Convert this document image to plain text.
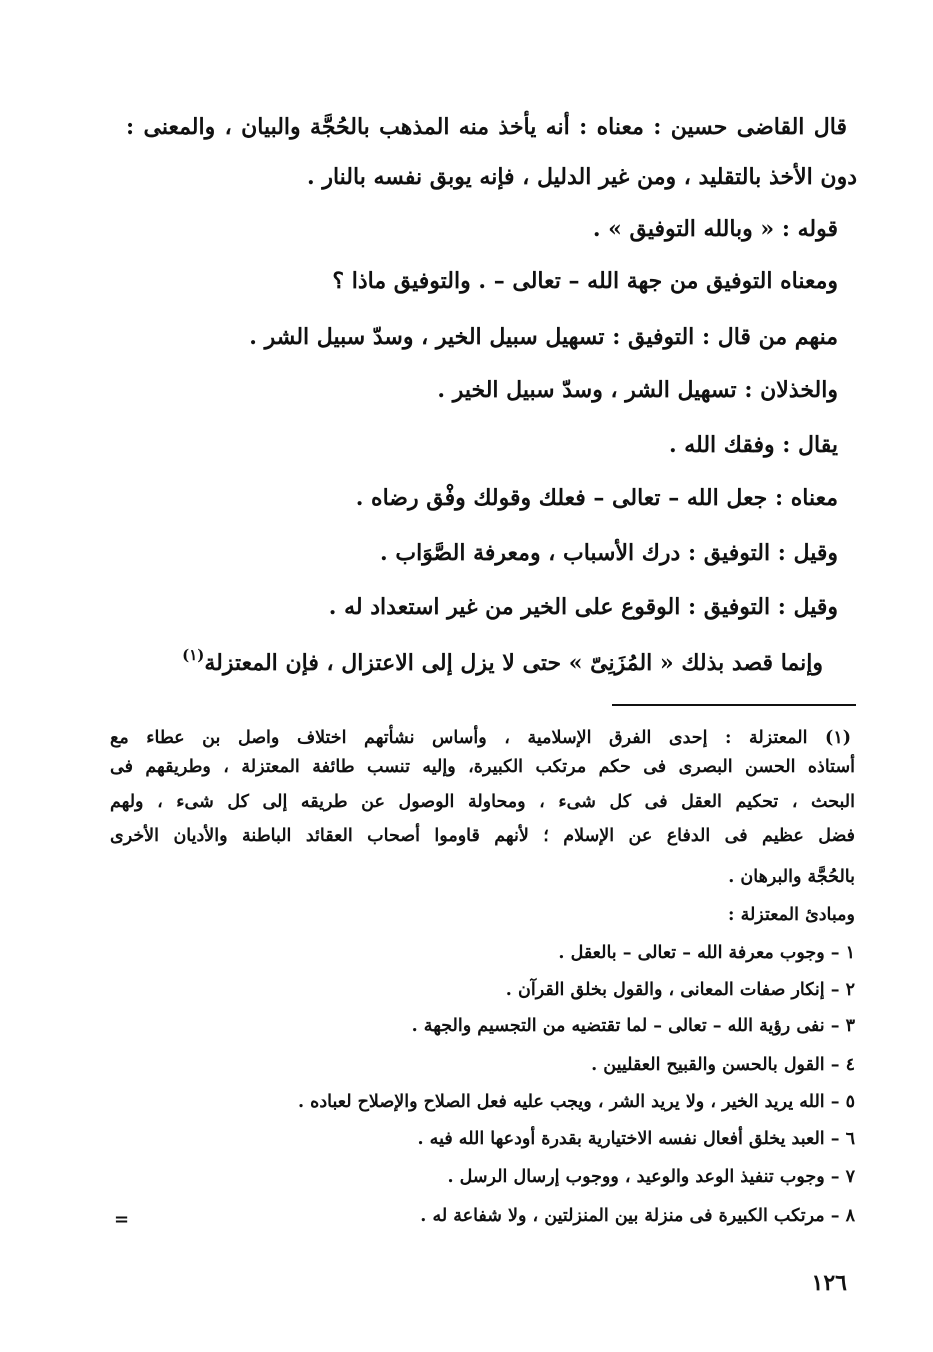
قال القاضى حسين : معناه : أنه يأخذ منه المذهب بالحُجَّة والبيان ، والمعنى :

دون الأخذ بالتقليد ، ومن غير الدليل ، فإنه يوبق نفسه بالنار .

قوله : « وبالله التوفيق » .

ومعناه التوفيق من جهة الله – تعالى – . والتوفيق ماذا ؟

منهم من قال : التوفيق : تسهيل سبيل الخير ، وسدّ سبيل الشر .

والخذلان : تسهيل الشر ، وسدّ سبيل الخير .

يقال : وفقك الله .

معناه : جعل الله – تعالى – فعلك وقولك وفْق رضاه .

وقيل : التوفيق : درك الأسباب ، ومعرفة الصَّوَاب .

وقيل : التوفيق : الوقوع على الخير من غير استعداد له .

وإنما قصد بذلك « المُزَنِىّ » حتى لا يزل إلى الاعتزال ، فإن المعتزلة$^{(١)}$

(١) المعتزلة : إحدى الفرق الإسلامية ، وأساس نشأتهم اختلاف واصل بن عطاء مع

أستاذه الحسن البصرى فى حكم مرتكب الكبيرة، وإليه تنسب طائفة المعتزلة ، وطريقهم فى

البحث ، تحكيم العقل فى كل شىء ، ومحاولة الوصول عن طريقه إلى كل شىء ، ولهم

فضل عظيم فى الدفاع عن الإسلام ؛ لأنهم قاوموا أصحاب العقائد الباطنة والأديان الأخرى

بالحُجَّة والبرهان .

ومبادئ المعتزلة :

١ – وجوب معرفة الله – تعالى – بالعقل .

٢ – إنكار صفات المعانى ، والقول بخلق القرآن .

٣ – نفى رؤية الله – تعالى – لما تقتضيه من التجسيم والجهة .

٤ – القول بالحسن والقبيح العقليين .

٥ – الله يريد الخير ، ولا يريد الشر ، ويجب عليه فعل الصلاح والإصلاح لعباده .

٦ – العبد يخلق أفعال نفسه الاختيارية بقدرة أودعها الله فيه .

٧ – وجوب تنفيذ الوعد والوعيد ، ووجوب إرسال الرسل .

٨ – مرتكب الكبيرة فى منزلة بين المنزلتين ، ولا شفاعة له .

=
١٢٦
